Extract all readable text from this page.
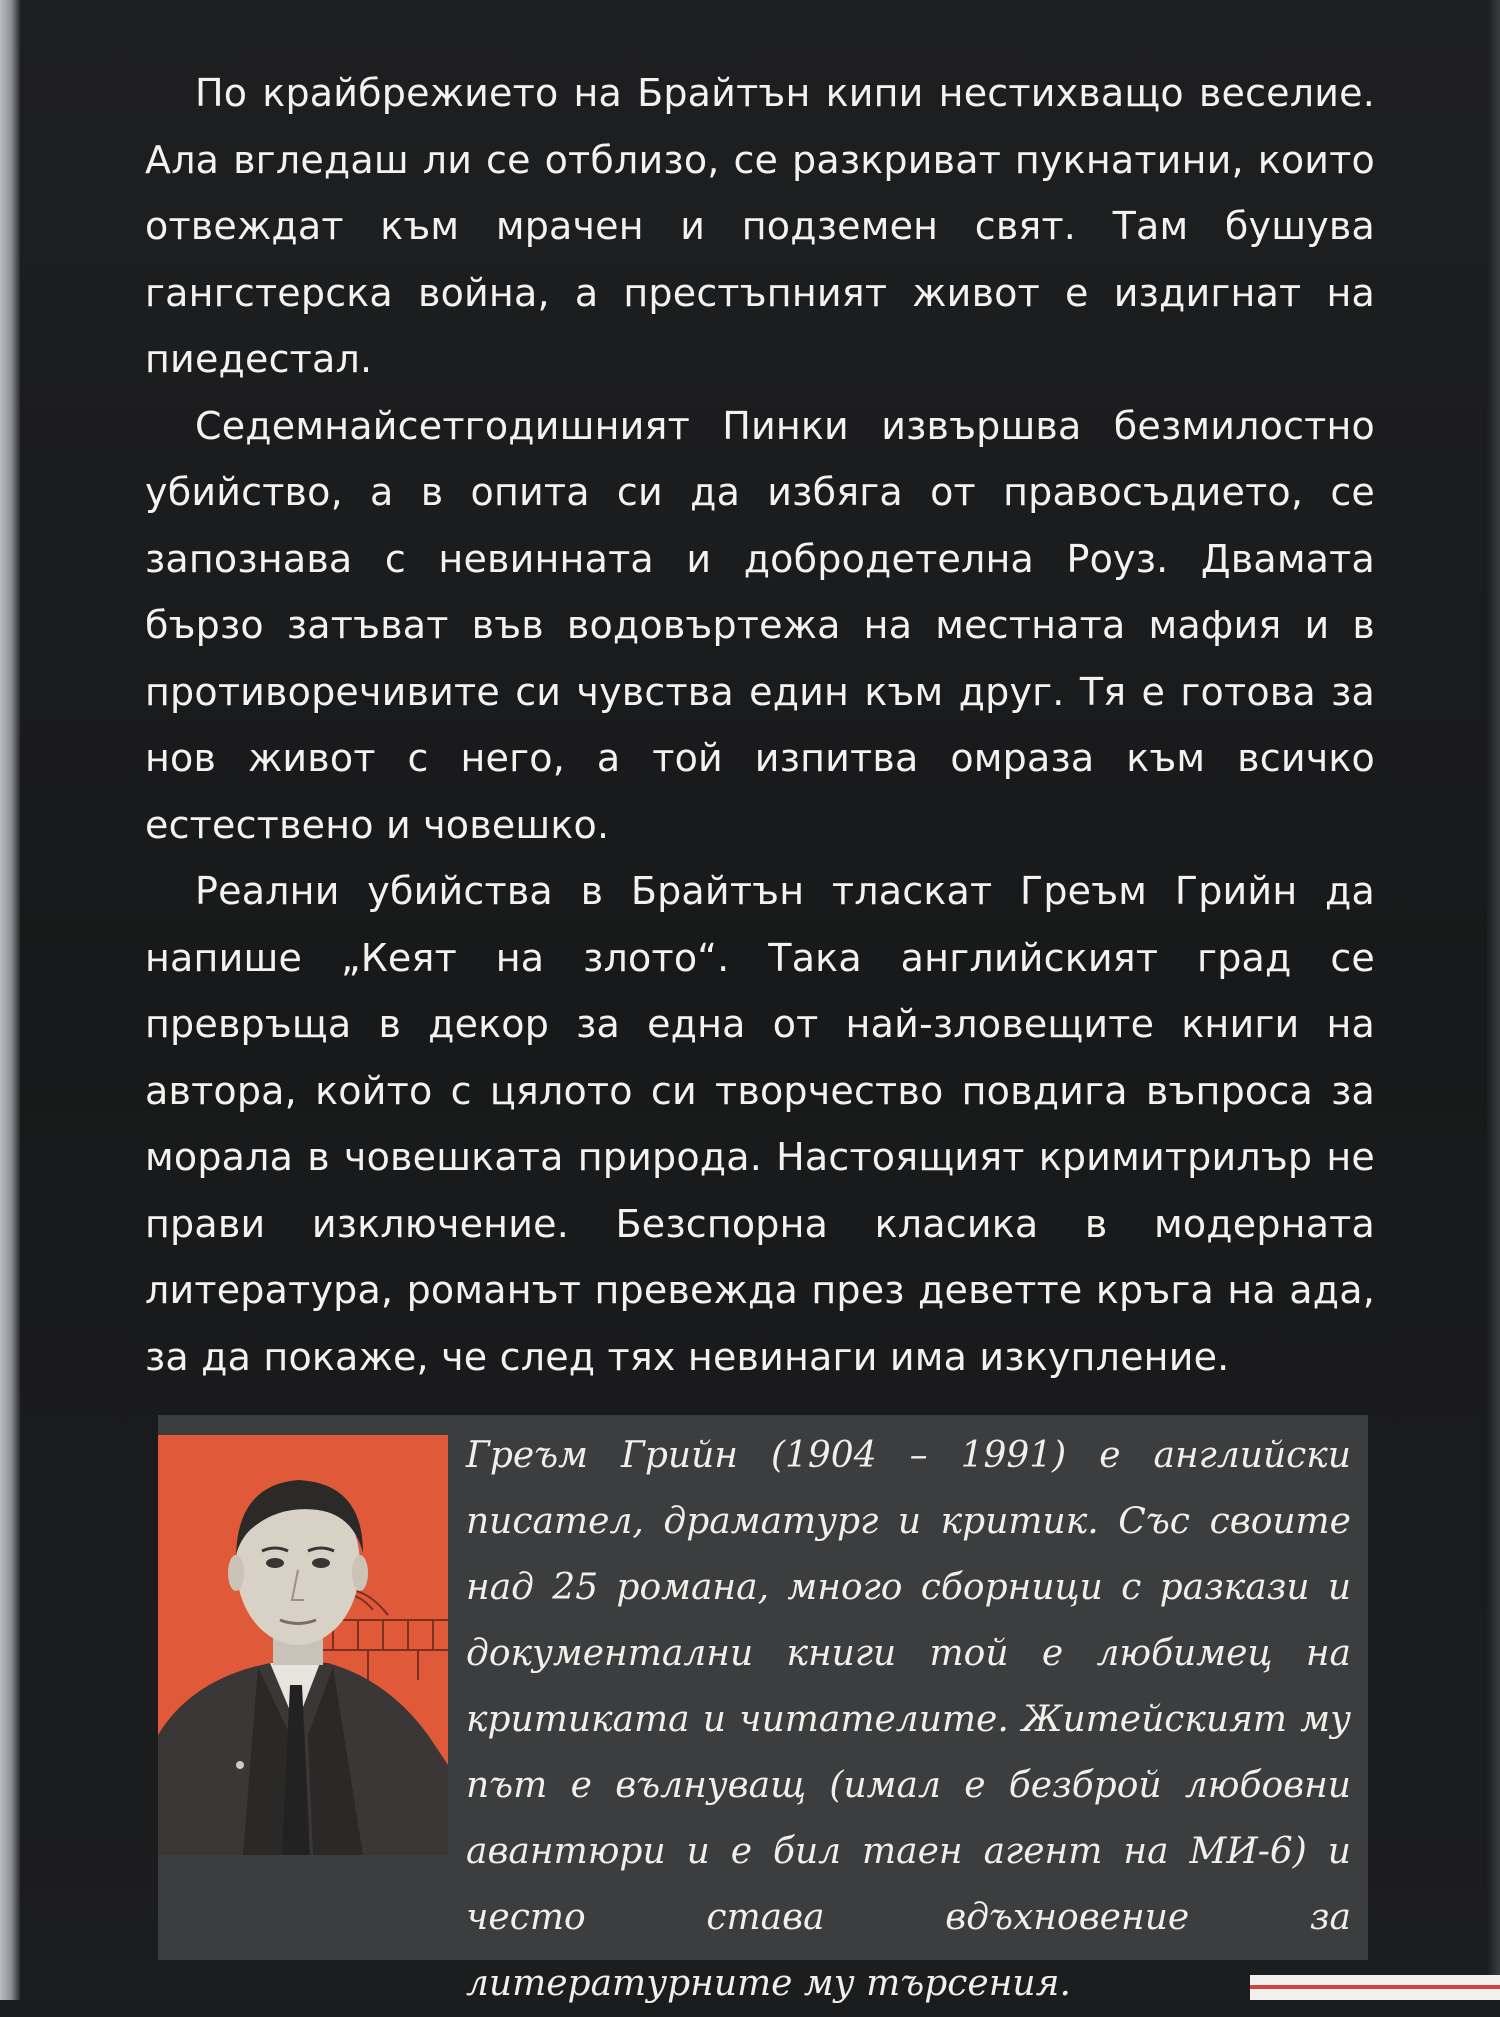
По крайбрежието на Брайтън кипи нестихващо веселие. Ала вгледаш ли се отблизо, се разкриват пукнатини, които отвеждат към мрачен и подземен свят. Там бушува гангстерска война, а престъпният живот е издигнат на пиедестал.

Седемнайсетгодишният Пинки извършва безмилостно убийство, а в опита си да избяга от правосъдието, се запознава с невинната и добродетелна Роуз. Двамата бързо затъват във водовъртежа на местната мафия и в противоречивите си чувства един към друг. Тя е готова за нов живот с него, а той изпитва омраза към всичко естествено и човешко.

Реални убийства в Брайтън тласкат Греъм Грийн да напише „Кеят на злото“. Така английският град се превръща в декор за една от най-зловещите книги на автора, който с цялото си творчество повдига въпроса за морала в човешката природа. Настоящият кримитрилър не прави изключение. Безспорна класика в модерната литература, романът превежда през деветте кръга на ада, за да покаже, че след тях невинаги има изкупление.

Греъм Грийн (1904 – 1991) е английски писател, драматург и критик. Със своите над 25 романа, много сборници с разкази и документални книги той е любимец на критиката и читателите. Житейският му път е вълнуващ (имал е безброй любовни авантюри и е бил таен агент на МИ-6) и често става вдъхновение за литературните му търсения.
